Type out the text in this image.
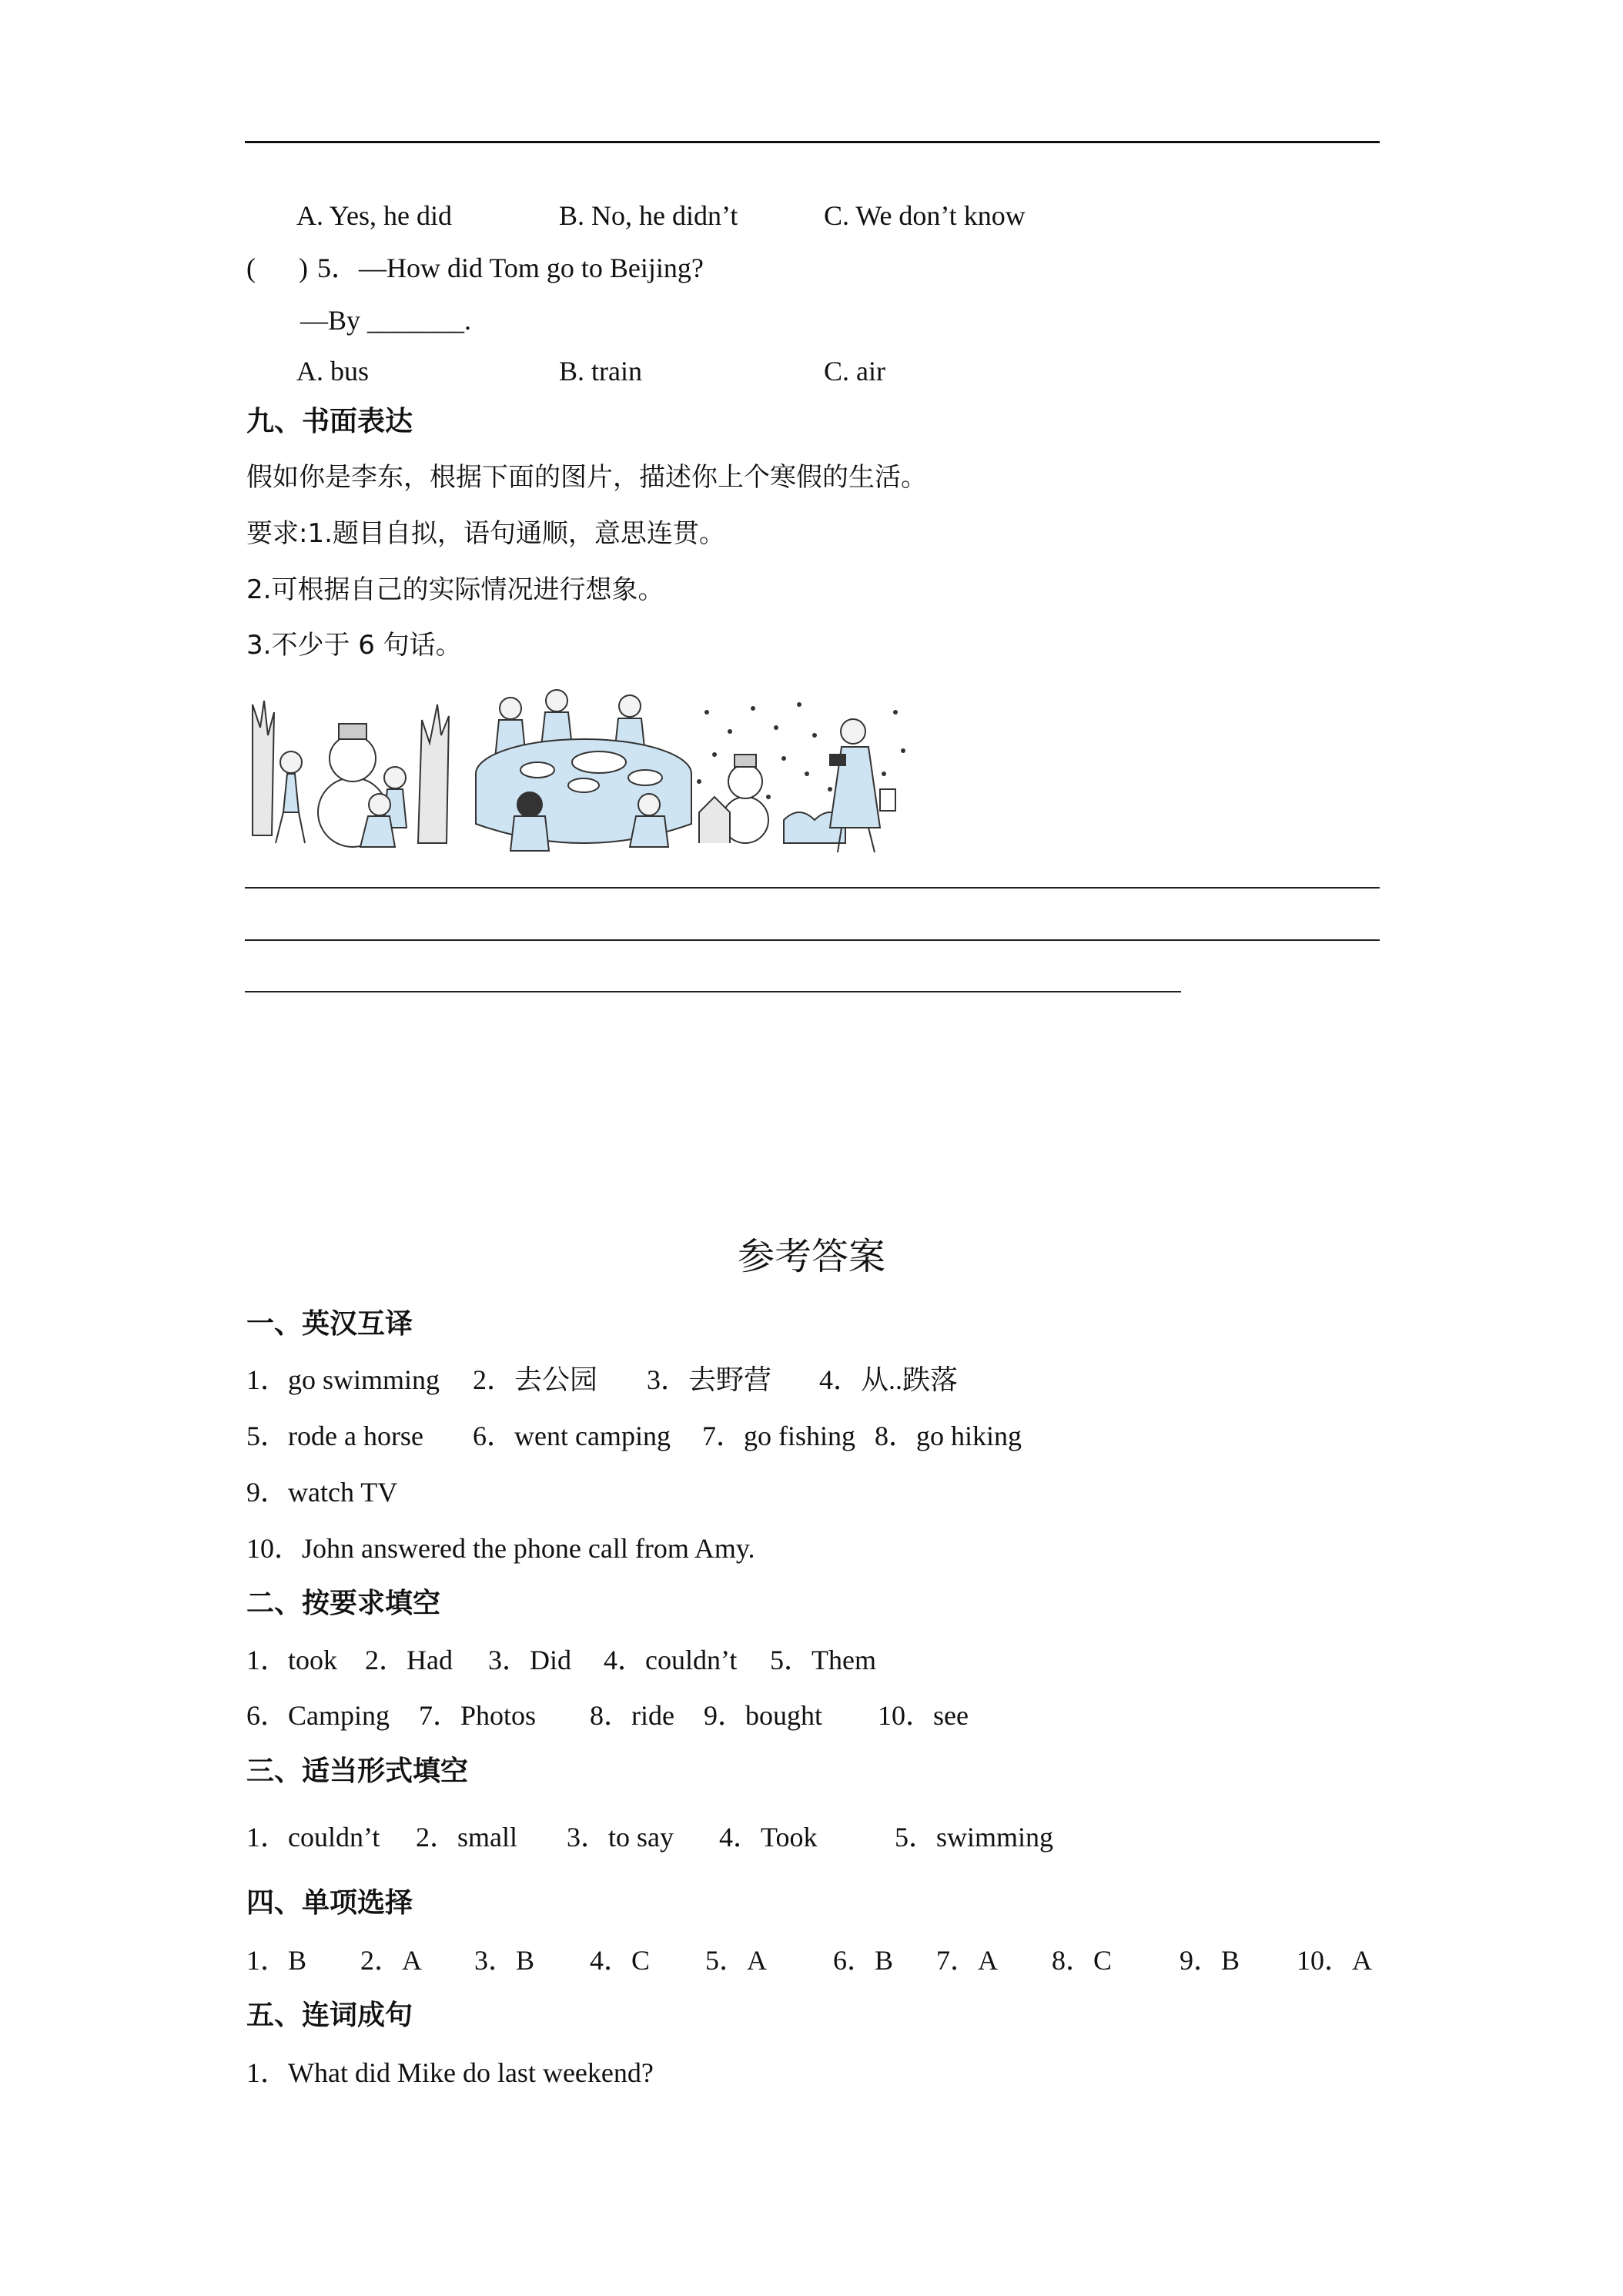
A. Yes, he did	B. No, he didn’t	C. We don’t know
( ) 5．—How did Tom go to Beijing?
—By _______.
A. bus	B. train	C. air
九、书面表达
假如你是李东，根据下面的图片，描述你上个寒假的生活。
要求:1.题目自拟，语句通顺，意思连贯。
2.可根据自己的实际情况进行想象。
3.不少于 6 句话。
参考答案
一、英汉互译
1．go swimming 2．去公园 3．去野营 4．从..跌落
5．rode a horse 6．went camping 7．go fishing 8．go hiking
9．watch TV
10．John answered the phone call from Amy.
二、按要求填空
1．took 2．Had 3．Did 4．couldn’t 5．Them
6．Camping 7．Photos 8．ride 9．bought 10．see
三、适当形式填空
1．couldn’t 2．small 3．to say 4．Took	5．swimming
四、单项选择
1．B 2．A 3．B 4．C 5．A 6．B 7．A 8．C 9．B 10．A
五、连词成句
1．What did Mike do last weekend?
